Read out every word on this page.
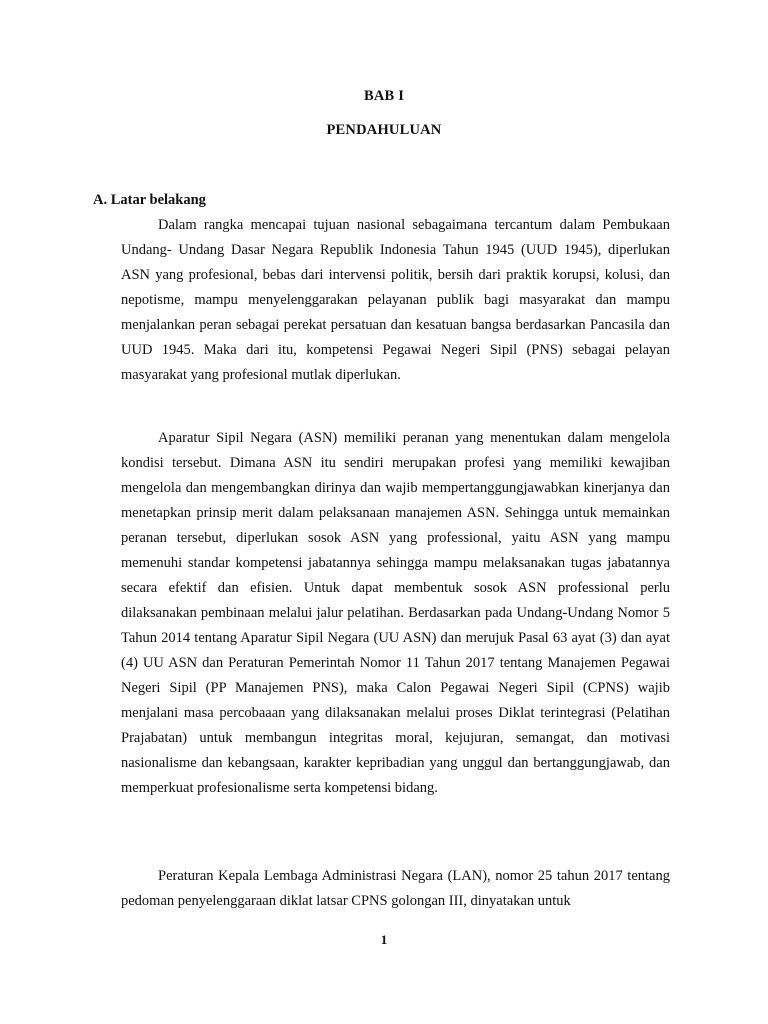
BAB I
PENDAHULUAN
A. Latar belakang

Dalam rangka mencapai tujuan nasional sebagaimana tercantum dalam Pembukaan Undang- Undang Dasar Negara Republik Indonesia Tahun 1945 (UUD 1945), diperlukan ASN yang profesional, bebas dari intervensi politik, bersih dari praktik korupsi, kolusi, dan nepotisme, mampu menyelenggarakan pelayanan publik bagi masyarakat dan mampu menjalankan peran sebagai perekat persatuan dan kesatuan bangsa berdasarkan Pancasila dan UUD 1945. Maka dari itu, kompetensi Pegawai Negeri Sipil (PNS) sebagai pelayan masyarakat yang profesional mutlak diperlukan.

Aparatur Sipil Negara (ASN) memiliki peranan yang menentukan dalam mengelola kondisi tersebut. Dimana ASN itu sendiri merupakan profesi yang memiliki kewajiban mengelola dan mengembangkan dirinya dan wajib mempertanggungjawabkan kinerjanya dan menetapkan prinsip merit dalam pelaksanaan manajemen ASN. Sehingga untuk memainkan peranan tersebut, diperlukan sosok ASN yang professional, yaitu ASN yang mampu memenuhi standar kompetensi jabatannya sehingga mampu melaksanakan tugas jabatannya secara efektif dan efisien. Untuk dapat membentuk sosok ASN professional perlu dilaksanakan pembinaan melalui jalur pelatihan. Berdasarkan pada Undang-Undang Nomor 5 Tahun 2014 tentang Aparatur Sipil Negara (UU ASN) dan merujuk Pasal 63 ayat (3) dan ayat (4) UU ASN dan Peraturan Pemerintah Nomor 11 Tahun 2017 tentang Manajemen Pegawai Negeri Sipil (PP Manajemen PNS), maka Calon Pegawai Negeri Sipil (CPNS) wajib menjalani masa percobaaan yang dilaksanakan melalui proses Diklat terintegrasi (Pelatihan Prajabatan) untuk membangun integritas moral, kejujuran, semangat, dan motivasi nasionalisme dan kebangsaan, karakter kepribadian yang unggul dan bertanggungjawab, dan memperkuat profesionalisme serta kompetensi bidang.

Peraturan Kepala Lembaga Administrasi Negara (LAN), nomor 25 tahun 2017 tentang pedoman penyelenggaraan diklat latsar CPNS golongan III, dinyatakan untuk

1
